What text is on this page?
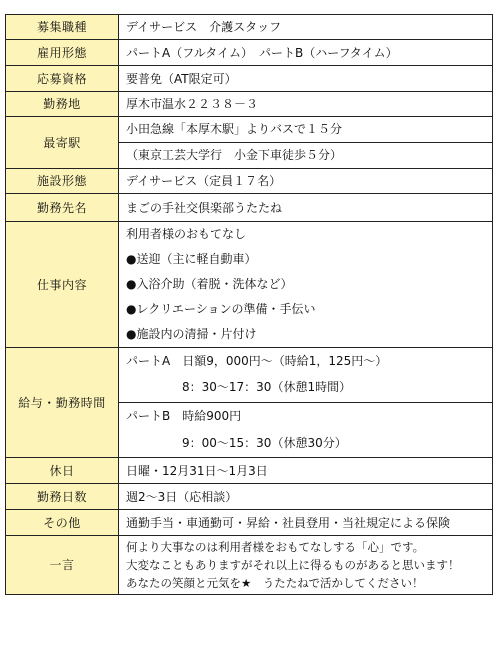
募集職種	デイサービス　介護スタッフ
雇用形態	パートA（フルタイム）　パートB（ハーフタイム）
応募資格	要普免（AT限定可）
勤務地	厚木市温水２２３８－３
最寄駅	小田急線「本厚木駅」よりバスで１５分
（東京工芸大学行　小金下車徒歩５分）

施設形態	デイサービス（定員１７名）
勤務先名	まごの手社交倶楽部うたたね
仕事内容	利用者様のおもてなし
●送迎（主に軽自動車）
●入浴介助（着脱・洗体など）
●レクリエーションの準備・手伝い
●施設内の清掃・片付け

給与・勤務時間	パートA　日額9，000円～（時給1，125円～）
8：30～17：30（休憩1時間）
パートB　時給900円
9：00～15：30（休憩30分）

休日	日曜・12月31日～1月3日
勤務日数	週2～3日（応相談）
その他	通勤手当・車通勤可・昇給・社員登用・当社規定による保険
一言	何より大事なのは利用者様をおもてなしする「心」です。
大変なこともありますがそれ以上に得るものがあると思います！
あなたの笑顔と元気を★　うたたねで活かしてください！
